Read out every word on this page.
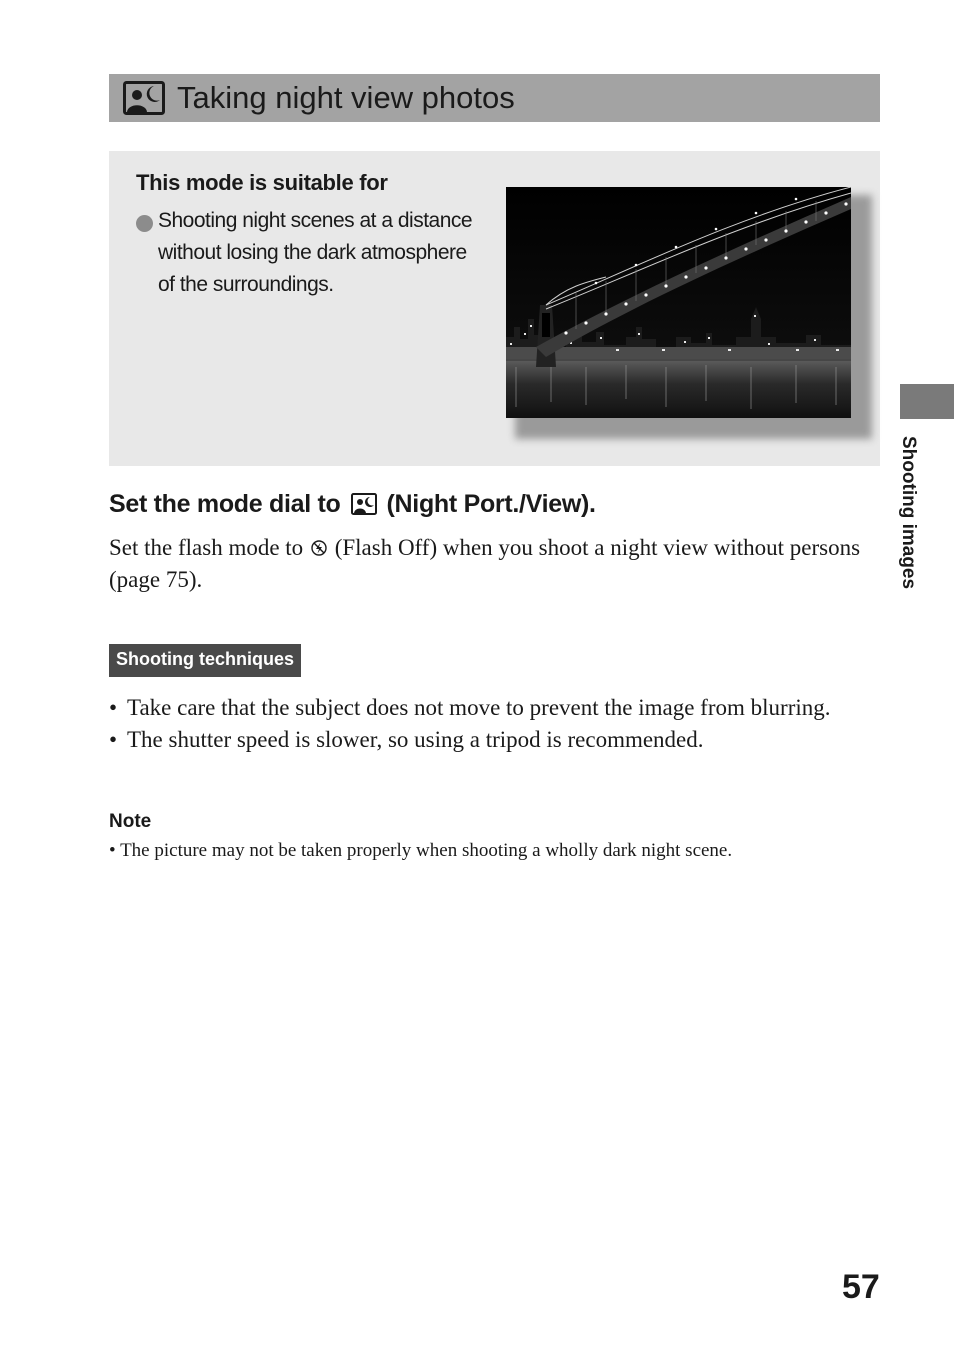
Taking night view photos
This mode is suitable for
Shooting night scenes at a distance without losing the dark atmosphere of the surroundings.
Set the mode dial to (Night Port./View).
Set the flash mode to (Flash Off) when you shoot a night view without persons (page 75).
Shooting techniques
• Take care that the subject does not move to prevent the image from blurring.
• The shutter speed is slower, so using a tripod is recommended.
Note
• The picture may not be taken properly when shooting a wholly dark night scene.
Shooting images
57
